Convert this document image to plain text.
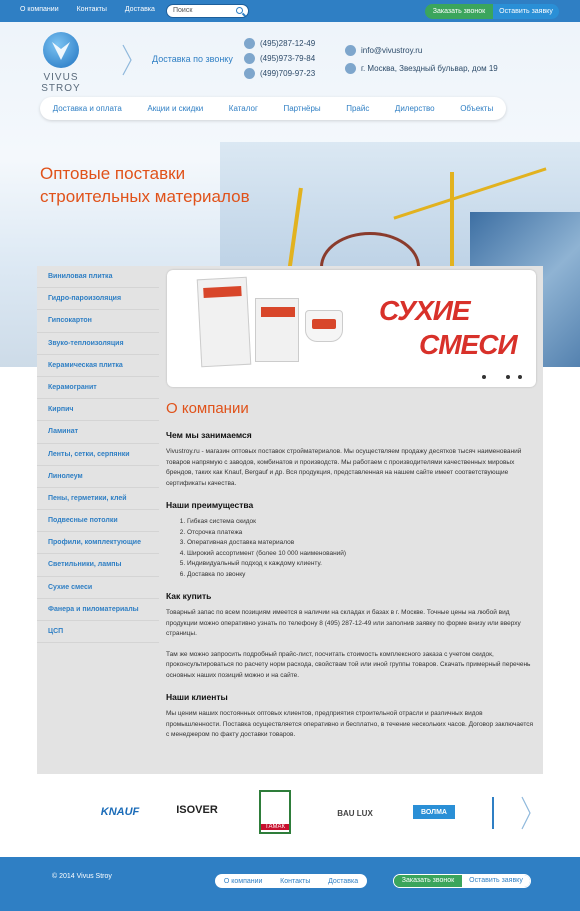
О компании	Контакты	Доставка	Поиск	Заказать звонок	Оставить заявку
VIVUS STROY
Доставка по звонку
(495)287-12-49
(495)973-79-84
(499)709-97-23
info@vivustroy.ru
г. Москва, Звездный бульвар, дом 19
Доставка и оплата	Акции и скидки	Каталог	Партнёры	Прайс	Дилерство	Объекты
Оптовые поставки
строительных материалов
Виниловая плитка
Гидро-пароизоляция
Гипсокартон
Звуко-теплоизоляция
Керамическая плитка
Керамогранит
Кирпич
Ламинат
Ленты, сетки, серпянки
Линолеум
Пены, герметики, клей
Подвесные потолки
Профили, комплектующие
Светильники, лампы
Сухие смеси
Фанера и пиломатериалы
ЦСП
СУХИЕ
СМЕСИ
О компании
Чем мы занимаемся

Vivustroy.ru - магазин оптовых поставок стройматериалов. Мы осуществляем продажу десятков тысяч наименований товаров напрямую с заводов, комбинатов и производств. Мы работаем с производителями качественных мировых брендов, таких как Knauf, Bergauf и др. Вся продукция, представленная на нашем сайте имеет соответствующие сертификаты качества.

Наши преимущества
1. Гибкая система скидок
2. Отсрочка платежа
3. Оперативная доставка материалов
4. Широкий ассортимент (более 10 000 наименований)
5. Индивидуальный подход к каждому клиенту.
6. Доставка по звонку
Как купить

Товарный запас по всем позициям имеется в наличии на складах и базах в г. Москве. Точные цены на любой вид продукции можно оперативно узнать по телефону 8 (495) 287-12-49 или заполнив заявку по форме внизу или вверху страницы.

Там же можно запросить подробный прайс-лист, посчитать стоимость комплексного заказа с учетом скидок, проконсультироваться по расчету норм расхода, свойствам той или иной группы товаров. Скачать примерный перечень основных наших позиций можно и на сайте.

Наши клиенты

Мы ценим наших постоянных оптовых клиентов, предприятия строительной отрасли и различных видов промышленности. Поставка осуществляется оперативно и бесплатно, в течение нескольких часов. Договор заключается с менеджером по факту доставки товаров.

KNAUF	ISOVER
ТАМАК
BAU LUX	ВОЛМА
© 2014 Vivus Stroy
О компании	Контакты	Доставка	Заказать звонок	Оставить заявку
